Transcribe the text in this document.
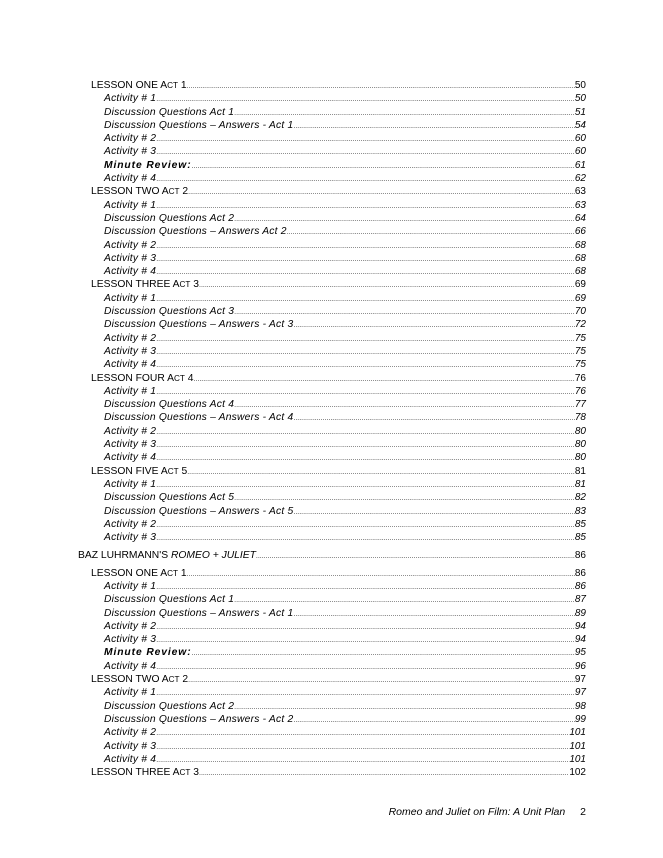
LESSON ONE ACT 1 .....	50
Activity # 1 .....	50
Discussion Questions Act 1 .....	51
Discussion Questions – Answers - Act 1 .....	54
Activity # 2 .....	60
Activity # 3 .....	60
Minute Review: .....	61
Activity # 4 .....	62
LESSON TWO ACT 2 .....	63
Activity # 1 .....	63
Discussion Questions Act 2 .....	64
Discussion Questions – Answers Act 2 .....	66
Activity # 2 .....	68
Activity # 3 .....	68
Activity # 4 .....	68
LESSON THREE ACT 3 .....	69
Activity # 1 .....	69
Discussion Questions Act 3 .....	70
Discussion Questions – Answers - Act 3 .....	72
Activity # 2 .....	75
Activity # 3 .....	75
Activity # 4 .....	75
LESSON FOUR ACT 4 .....	76
Activity # 1 .....	76
Discussion Questions Act 4 .....	77
Discussion Questions – Answers - Act 4 .....	78
Activity # 2 .....	80
Activity # 3 .....	80
Activity # 4 .....	80
LESSON FIVE ACT 5 .....	81
Activity # 1 .....	81
Discussion Questions Act 5 .....	82
Discussion Questions – Answers - Act 5 .....	83
Activity # 2 .....	85
Activity # 3 .....	85
BAZ LUHRMANN'S ROMEO + JULIET .....	86
LESSON ONE ACT 1 .....	86
Activity # 1 .....	86
Discussion Questions Act 1 .....	87
Discussion Questions – Answers - Act 1 .....	89
Activity # 2 .....	94
Activity # 3 .....	94
Minute Review: .....	95
Activity # 4 .....	96
LESSON TWO ACT 2 .....	97
Activity # 1 .....	97
Discussion Questions Act 2 .....	98
Discussion Questions – Answers - Act 2 .....	99
Activity # 2 .....	101
Activity # 3 .....	101
Activity # 4 .....	101
LESSON THREE ACT 3 .....	102
Romeo and Juliet on Film: A Unit Plan 2
